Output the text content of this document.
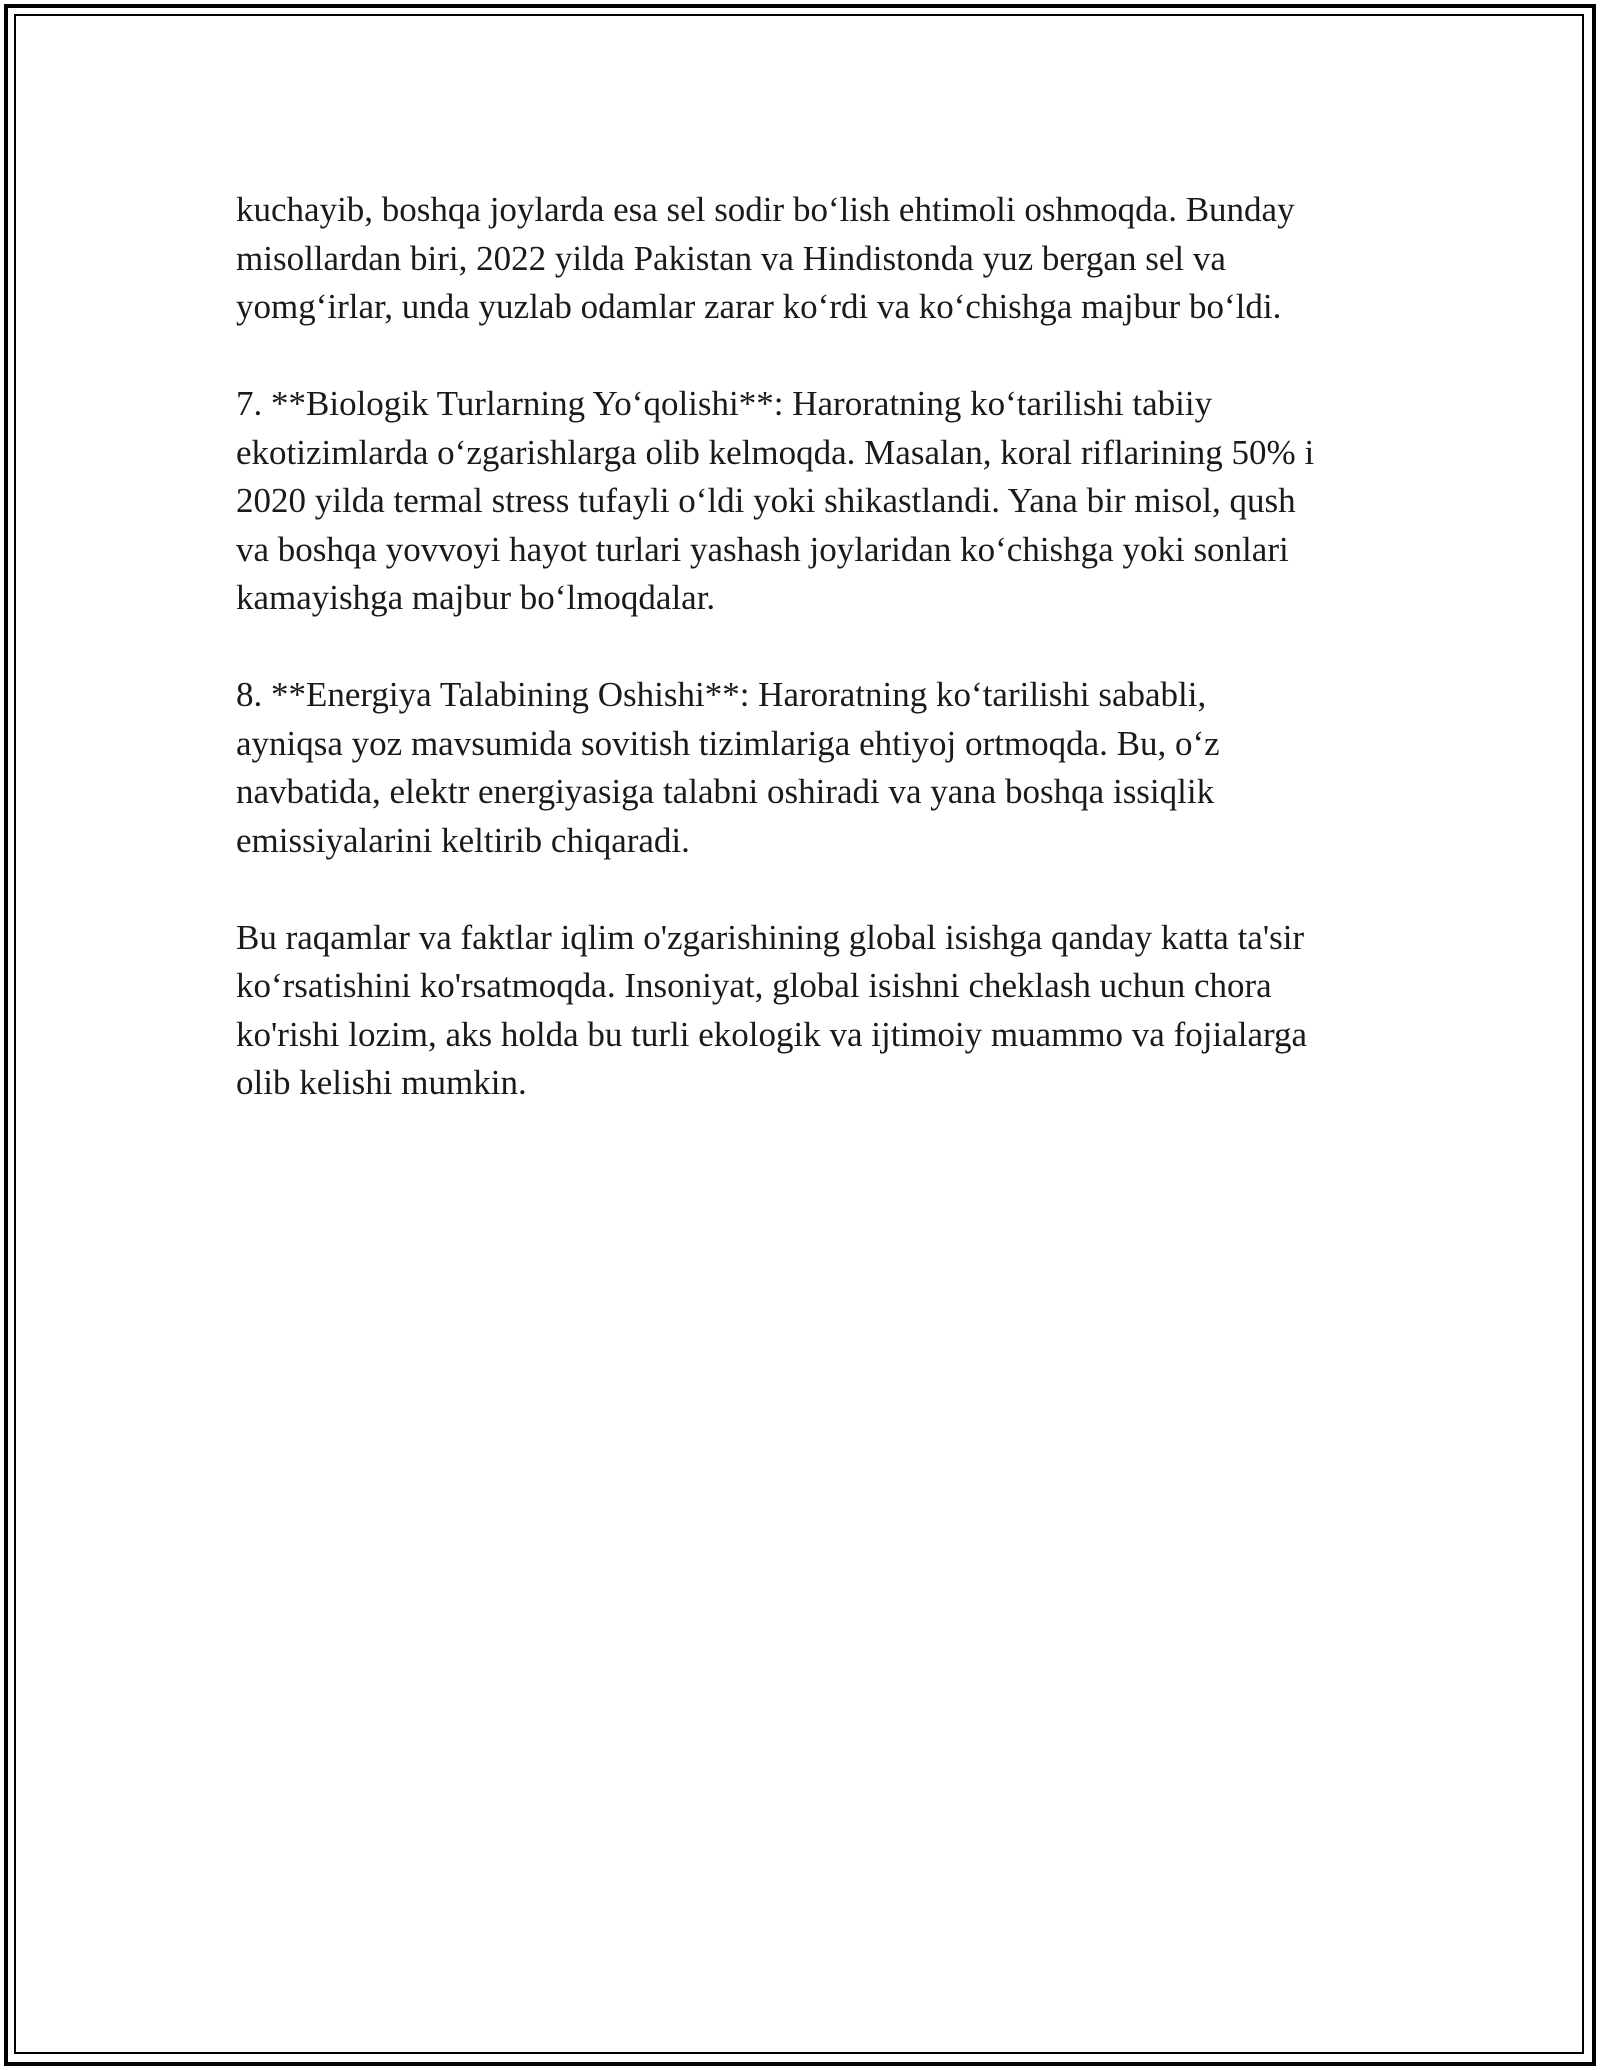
kuchayib, boshqa joylarda esa sel sodir bo‘lish ehtimoli oshmoqda. Bunday
misollardan biri, 2022 yilda Pakistan va Hindistonda yuz bergan sel va
yomg‘irlar, unda yuzlab odamlar zarar ko‘rdi va ko‘chishga majbur bo‘ldi.

7. **Biologik Turlarning Yo‘qolishi**: Haroratning ko‘tarilishi tabiiy
ekotizimlarda o‘zgarishlarga olib kelmoqda. Masalan, koral riflarining 50% i
2020 yilda termal stress tufayli o‘ldi yoki shikastlandi. Yana bir misol, qush
va boshqa yovvoyi hayot turlari yashash joylaridan ko‘chishga yoki sonlari
kamayishga majbur bo‘lmoqdalar.

8. **Energiya Talabining Oshishi**: Haroratning ko‘tarilishi sababli,
ayniqsa yoz mavsumida sovitish tizimlariga ehtiyoj ortmoqda. Bu, o‘z
navbatida, elektr energiyasiga talabni oshiradi va yana boshqa issiqlik
emissiyalarini keltirib chiqaradi.

Bu raqamlar va faktlar iqlim o'zgarishining global isishga qanday katta ta'sir
ko‘rsatishini ko'rsatmoqda. Insoniyat, global isishni cheklash uchun chora
ko'rishi lozim, aks holda bu turli ekologik va ijtimoiy muammo va fojialarga
olib kelishi mumkin.
